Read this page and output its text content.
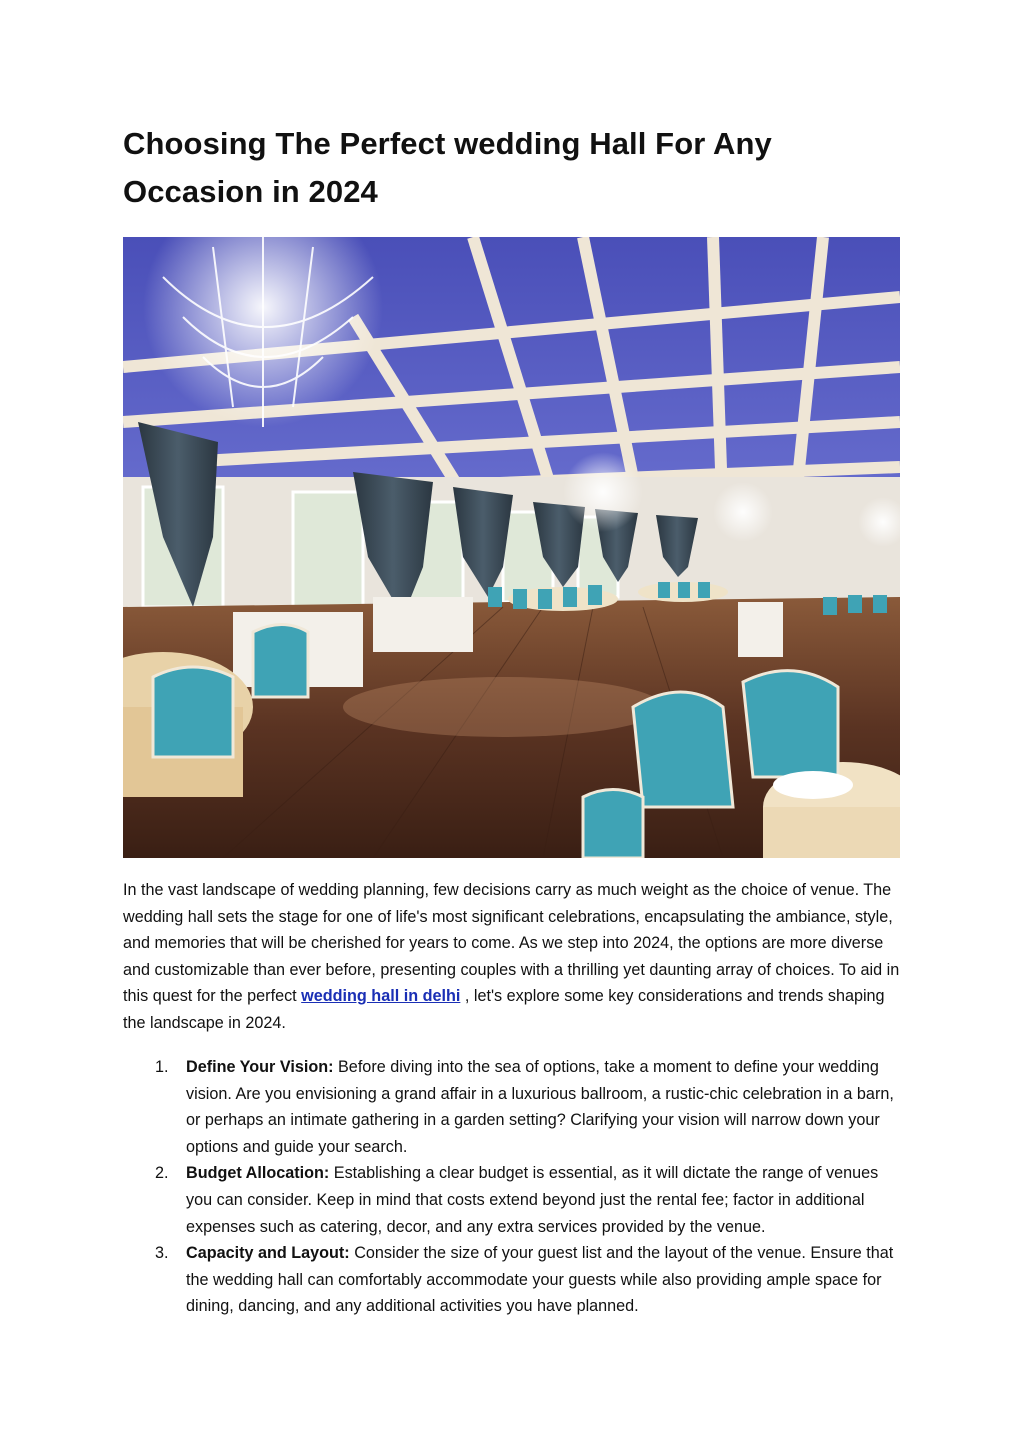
Choosing The Perfect wedding Hall For Any Occasion in 2024

In the vast landscape of wedding planning, few decisions carry as much weight as the choice of venue. The wedding hall sets the stage for one of life's most significant celebrations, encapsulating the ambiance, style, and memories that will be cherished for years to come. As we step into 2024, the options are more diverse and customizable than ever before, presenting couples with a thrilling yet daunting array of choices. To aid in this quest for the perfect wedding hall in delhi , let's explore some key considerations and trends shaping the landscape in 2024.

1. Define Your Vision: Before diving into the sea of options, take a moment to define your wedding vision. Are you envisioning a grand affair in a luxurious ballroom, a rustic-chic celebration in a barn, or perhaps an intimate gathering in a garden setting? Clarifying your vision will narrow down your options and guide your search.
2. Budget Allocation: Establishing a clear budget is essential, as it will dictate the range of venues you can consider. Keep in mind that costs extend beyond just the rental fee; factor in additional expenses such as catering, decor, and any extra services provided by the venue.
3. Capacity and Layout: Consider the size of your guest list and the layout of the venue. Ensure that the wedding hall can comfortably accommodate your guests while also providing ample space for dining, dancing, and any additional activities you have planned.
